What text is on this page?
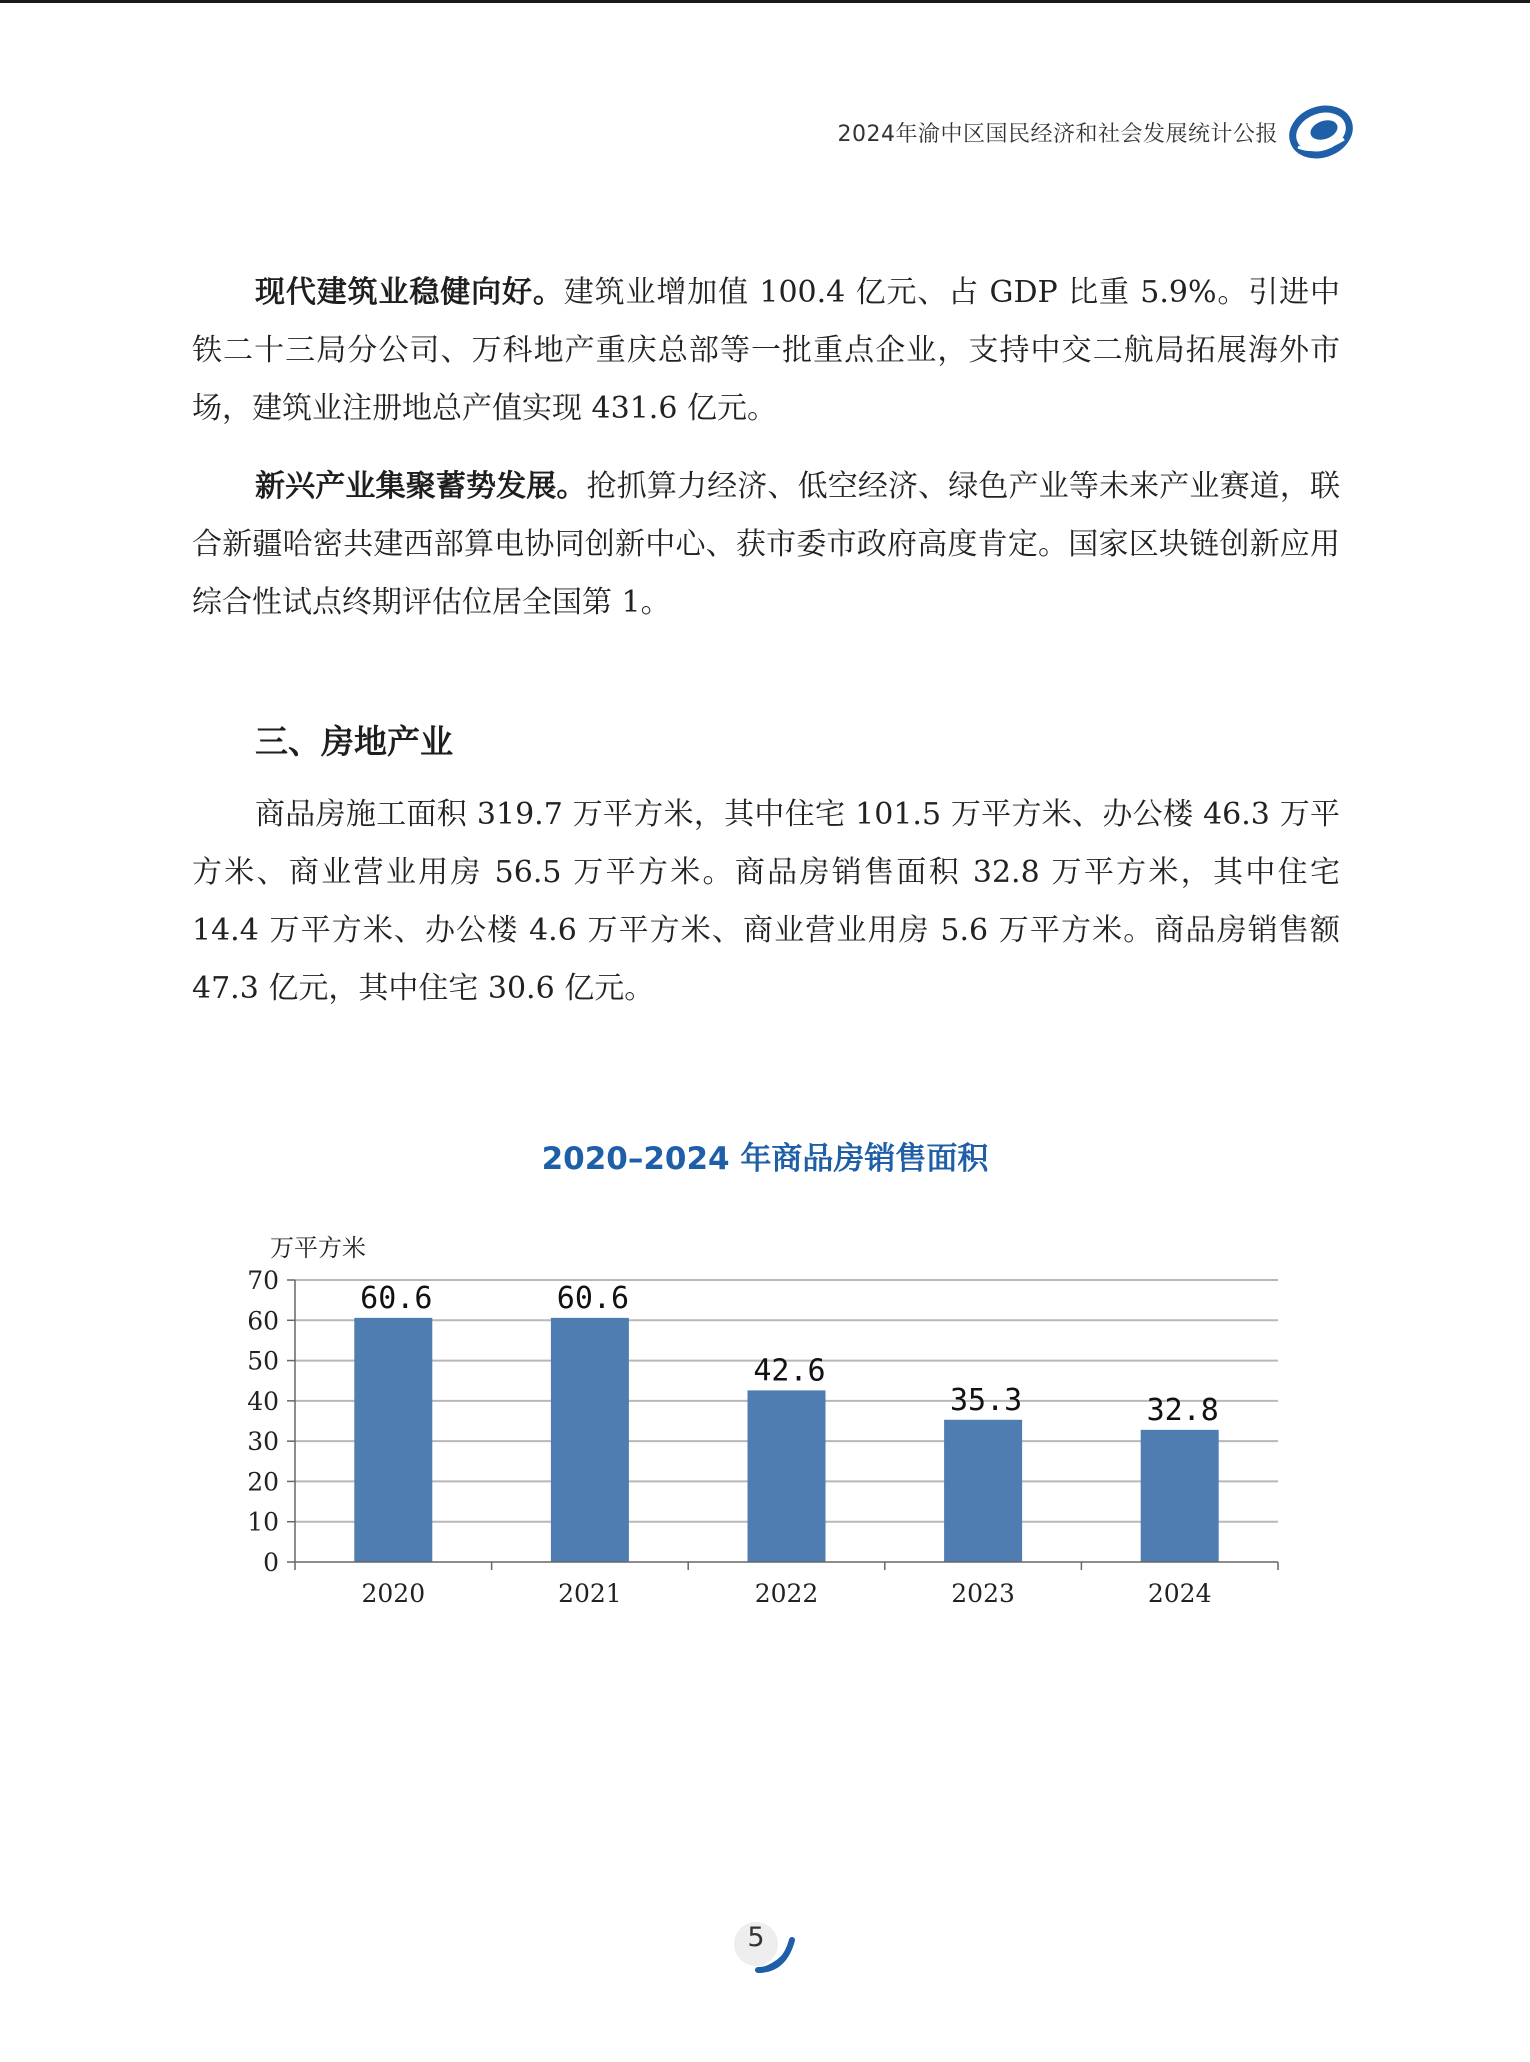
2024年渝中区国民经济和社会发展统计公报

现代建筑业稳健向好。建筑业增加值 100.4 亿元、占 GDP 比重 5.9%。引进中铁二十三局分公司、万科地产重庆总部等一批重点企业，支持中交二航局拓展海外市场，建筑业注册地总产值实现 431.6 亿元。

新兴产业集聚蓄势发展。抢抓算力经济、低空经济、绿色产业等未来产业赛道，联合新疆哈密共建西部算电协同创新中心、获市委市政府高度肯定。国家区块链创新应用综合性试点终期评估位居全国第 1。

三、房地产业

商品房施工面积 319.7 万平方米，其中住宅 101.5 万平方米、办公楼 46.3 万平方米、商业营业用房 56.5 万平方米。商品房销售面积 32.8 万平方米，其中住宅 14.4 万平方米、办公楼 4.6 万平方米、商业营业用房 5.6 万平方米。商品房销售额 47.3 亿元，其中住宅 30.6 亿元。

2020–2024 年商品房销售面积
万平方米
60.6	60.6
42.6
35.3	32.8
0
10
20
30
40
50
60
70
2020	2021	2022	2023	2024
5
